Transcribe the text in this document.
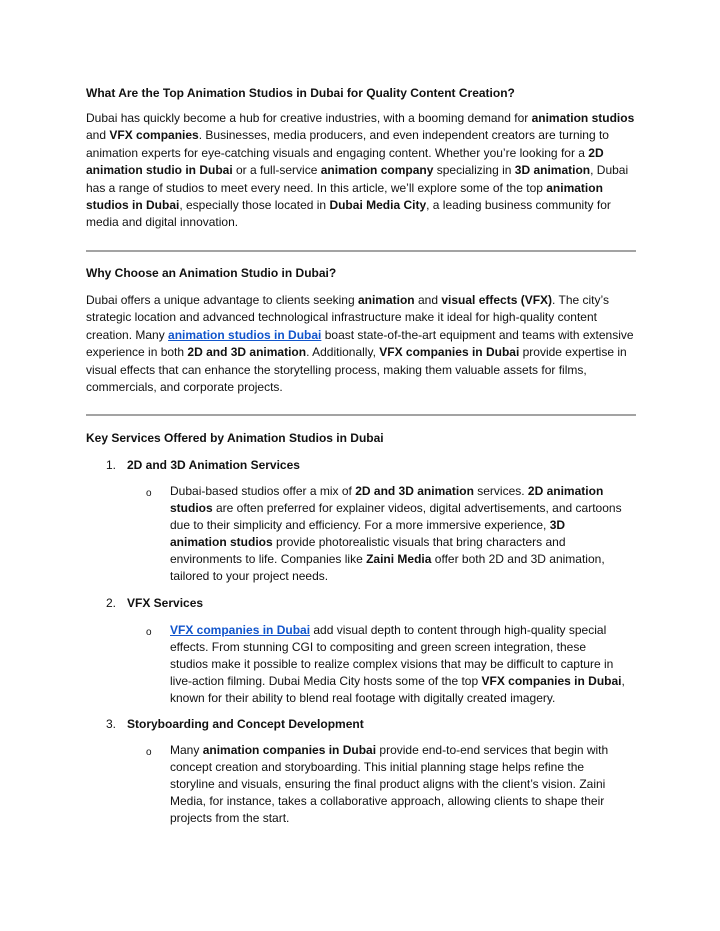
What Are the Top Animation Studios in Dubai for Quality Content Creation?

Dubai has quickly become a hub for creative industries, with a booming demand for animation studios and VFX companies. Businesses, media producers, and even independent creators are turning to animation experts for eye-catching visuals and engaging content. Whether you’re looking for a 2D animation studio in Dubai or a full-service animation company specializing in 3D animation, Dubai has a range of studios to meet every need. In this article, we’ll explore some of the top animation studios in Dubai, especially those located in Dubai Media City, a leading business community for media and digital innovation.

Why Choose an Animation Studio in Dubai?

Dubai offers a unique advantage to clients seeking animation and visual effects (VFX). The city’s strategic location and advanced technological infrastructure make it ideal for high-quality content creation. Many animation studios in Dubai boast state-of-the-art equipment and teams with extensive experience in both 2D and 3D animation. Additionally, VFX companies in Dubai provide expertise in visual effects that can enhance the storytelling process, making them valuable assets for films, commercials, and corporate projects.

Key Services Offered by Animation Studios in Dubai
1. 2D and 3D Animation Services
o Dubai-based studios offer a mix of 2D and 3D animation services. 2D animation studios are often preferred for explainer videos, digital advertisements, and cartoons due to their simplicity and efficiency. For a more immersive experience, 3D animation studios provide photorealistic visuals that bring characters and environments to life. Companies like Zaini Media offer both 2D and 3D animation, tailored to your project needs.

2. VFX Services
o VFX companies in Dubai add visual depth to content through high-quality special effects. From stunning CGI to compositing and green screen integration, these studios make it possible to realize complex visions that may be difficult to capture in live-action filming. Dubai Media City hosts some of the top VFX companies in Dubai, known for their ability to blend real footage with digitally created imagery.

3. Storyboarding and Concept Development
o Many animation companies in Dubai provide end-to-end services that begin with concept creation and storyboarding. This initial planning stage helps refine the storyline and visuals, ensuring the final product aligns with the client’s vision. Zaini Media, for instance, takes a collaborative approach, allowing clients to shape their projects from the start.
